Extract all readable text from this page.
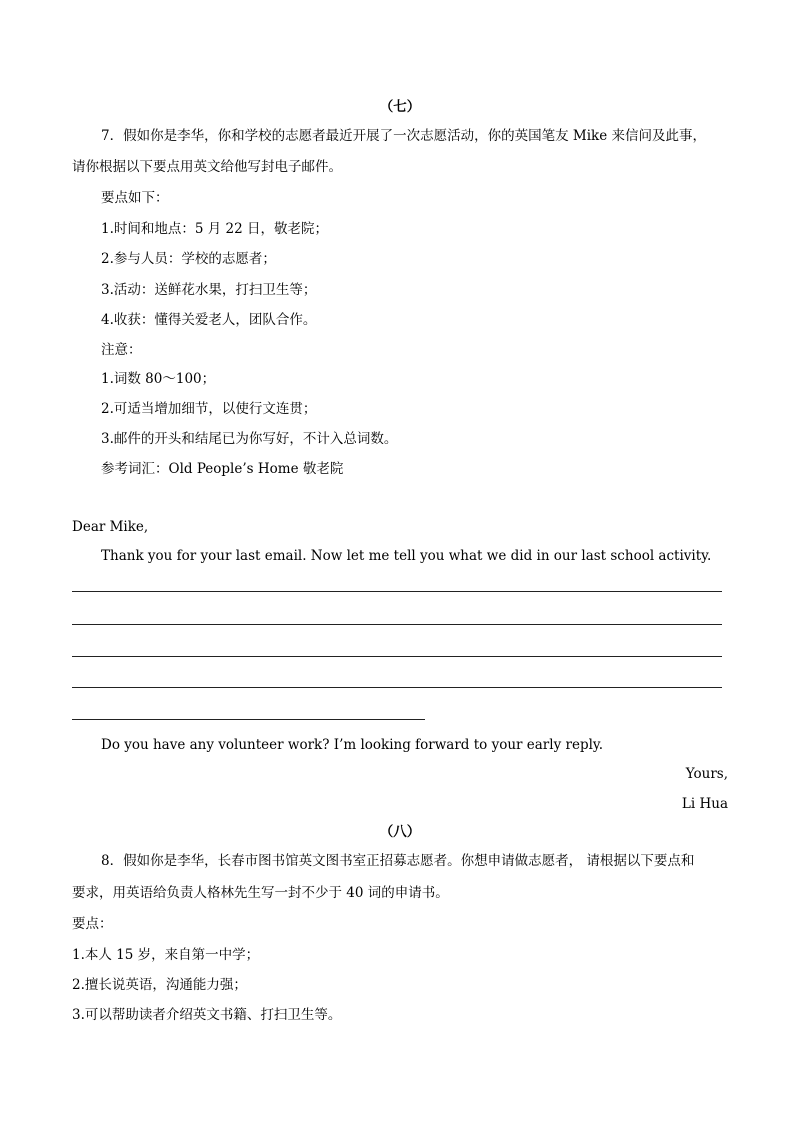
（七）
7．假如你是李华，你和学校的志愿者最近开展了一次志愿活动，你的英国笔友 Mike 来信问及此事，
请你根据以下要点用英文给他写封电子邮件。
要点如下：
1.时间和地点：5 月 22 日，敬老院；
2.参与人员：学校的志愿者；
3.活动：送鲜花水果，打扫卫生等；
4.收获：懂得关爱老人，团队合作。
注意：
1.词数 80～100；
2.可适当增加细节，以使行文连贯；
3.邮件的开头和结尾已为你写好，不计入总词数。
参考词汇：Old People’s Home 敬老院
Dear Mike,
Thank you for your last email. Now let me tell you what we did in our last school activity.
Do you have any volunteer work? I’m looking forward to your early reply.
Yours,
Li Hua
（八）
8．假如你是李华，长春市图书馆英文图书室正招募志愿者。你想申请做志愿者， 请根据以下要点和
要求，用英语给负责人格林先生写一封不少于 40 词的申请书。
要点：
1.本人 15 岁，来自第一中学；
2.擅长说英语，沟通能力强；
3.可以帮助读者介绍英文书籍、打扫卫生等。
